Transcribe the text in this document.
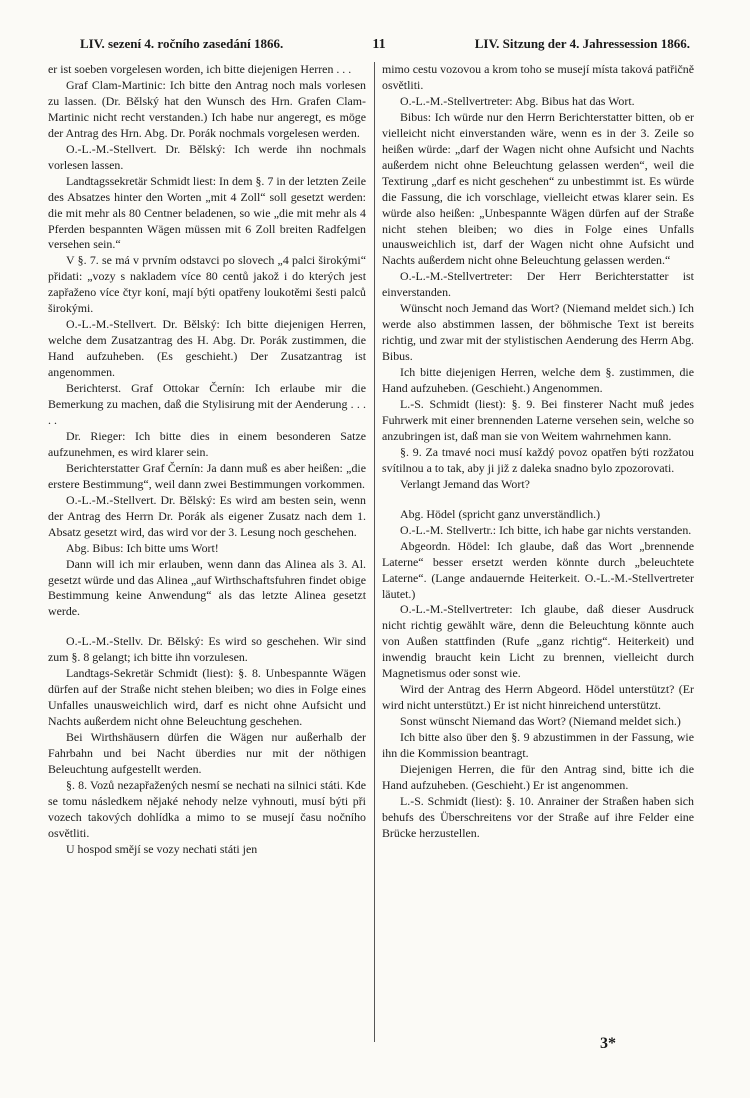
LIV. sezení 4. ročního zasedání 1866.	11	LIV. Sitzung der 4. Jahressession 1866.

er ist soeben vorgelesen worden, ich bitte diejenigen Herren . . .

Graf Clam-Martinic: Ich bitte den Antrag noch mals vorlesen zu lassen. (Dr. Bělský hat den Wunsch des Hrn. Grafen Clam-Martinic nicht recht verstanden.) Ich habe nur angeregt, es möge der Antrag des Hrn. Abg. Dr. Porák nochmals vorgelesen werden.

O.-L.-M.-Stellvert. Dr. Bělský: Ich werde ihn nochmals vorlesen lassen.

Landtagssekretär Schmidt liest: In dem §. 7 in der letzten Zeile des Absatzes hinter den Worten „mit 4 Zoll“ soll gesetzt werden: die mit mehr als 80 Centner beladenen, so wie „die mit mehr als 4 Pferden bespannten Wägen müssen mit 6 Zoll breiten Radfelgen versehen sein.“

V §. 7. se má v prvním odstavci po slovech „4 palci širokými“ přidati: „vozy s nakladem více 80 centů jakož i do kterých jest zapřaženo více čtyr koní, mají býti opatřeny loukotěmi šesti palců širokými.

O.-L.-M.-Stellvert. Dr. Bělský: Ich bitte diejenigen Herren, welche dem Zusatzantrag des H. Abg. Dr. Porák zustimmen, die Hand aufzuheben. (Es geschieht.) Der Zusatzantrag ist angenommen.

Berichterst. Graf Ottokar Černín: Ich erlaube mir die Bemerkung zu machen, daß die Stylisirung mit der Aenderung . . . . .

Dr. Rieger: Ich bitte dies in einem besonderen Satze aufzunehmen, es wird klarer sein.

Berichterstatter Graf Černín: Ja dann muß es aber heißen: „die erstere Bestimmung“, weil dann zwei Bestimmungen vorkommen.

O.-L.-M.-Stellvert. Dr. Bělský: Es wird am besten sein, wenn der Antrag des Herrn Dr. Porák als eigener Zusatz nach dem 1. Absatz gesetzt wird, das wird vor der 3. Lesung noch geschehen.

Abg. Bibus: Ich bitte ums Wort!

Dann will ich mir erlauben, wenn dann das Alinea als 3. Al. gesetzt würde und das Alinea „auf Wirthschaftsfuhren findet obige Bestimmung keine Anwendung“ als das letzte Alinea gesetzt werde.

O.-L.-M.-Stellv. Dr. Bělský: Es wird so geschehen. Wir sind zum §. 8 gelangt; ich bitte ihn vorzulesen.

Landtags-Sekretär Schmidt (liest): §. 8. Unbespannte Wägen dürfen auf der Straße nicht stehen bleiben; wo dies in Folge eines Unfalles unausweichlich wird, darf es nicht ohne Aufsicht und Nachts außerdem nicht ohne Beleuchtung geschehen.

Bei Wirthshäusern dürfen die Wägen nur außerhalb der Fahrbahn und bei Nacht überdies nur mit der nöthigen Beleuchtung aufgestellt werden.

§. 8. Vozů nezapřažených nesmí se nechati na silnici státi. Kde se tomu následkem nějaké nehody nelze vyhnouti, musí býti při vozech takových dohlídka a mimo to se musejí času nočního osvětliti.

U hospod smějí se vozy nechati státi jen

mimo cestu vozovou a krom toho se musejí místa taková patřičně osvětliti.

O.-L.-M.-Stellvertreter: Abg. Bibus hat das Wort.

Bibus: Ich würde nur den Herrn Berichterstatter bitten, ob er vielleicht nicht einverstanden wäre, wenn es in der 3. Zeile so heißen würde: „darf der Wagen nicht ohne Aufsicht und Nachts außerdem nicht ohne Beleuchtung gelassen werden“, weil die Textirung „darf es nicht geschehen“ zu unbestimmt ist. Es würde die Fassung, die ich vorschlage, vielleicht etwas klarer sein. Es würde also heißen: „Unbespannte Wägen dürfen auf der Straße nicht stehen bleiben; wo dies in Folge eines Unfalls unausweichlich ist, darf der Wagen nicht ohne Aufsicht und Nachts außerdem nicht ohne Beleuchtung gelassen werden.“

O.-L.-M.-Stellvertreter: Der Herr Berichterstatter ist einverstanden.

Wünscht noch Jemand das Wort? (Niemand meldet sich.) Ich werde also abstimmen lassen, der böhmische Text ist bereits richtig, und zwar mit der stylistischen Aenderung des Herrn Abg. Bibus.

Ich bitte diejenigen Herren, welche dem §. zustimmen, die Hand aufzuheben. (Geschieht.) Angenommen.

L.-S. Schmidt (liest): §. 9. Bei finsterer Nacht muß jedes Fuhrwerk mit einer brennenden Laterne versehen sein, welche so anzubringen ist, daß man sie von Weitem wahrnehmen kann.

§. 9. Za tmavé noci musí každý povoz opatřen býti rozžatou svítilnou a to tak, aby ji již z daleka snadno bylo zpozorovati.

Verlangt Jemand das Wort?

Abg. Hödel (spricht ganz unverständlich.)

O.-L.-M. Stellvertr.: Ich bitte, ich habe gar nichts verstanden.

Abgeordn. Hödel: Ich glaube, daß das Wort „brennende Laterne“ besser ersetzt werden könnte durch „beleuchtete Laterne“. (Lange andauernde Heiterkeit. O.-L.-M.-Stellvertreter läutet.)

O.-L.-M.-Stellvertreter: Ich glaube, daß dieser Ausdruck nicht richtig gewählt wäre, denn die Beleuchtung könnte auch von Außen stattfinden (Rufe „ganz richtig“. Heiterkeit) und inwendig braucht kein Licht zu brennen, vielleicht durch Magnetismus oder sonst wie.

Wird der Antrag des Herrn Abgeord. Hödel unterstützt? (Er wird nicht unterstützt.) Er ist nicht hinreichend unterstützt.

Sonst wünscht Niemand das Wort? (Niemand meldet sich.)

Ich bitte also über den §. 9 abzustimmen in der Fassung, wie ihn die Kommission beantragt.

Diejenigen Herren, die für den Antrag sind, bitte ich die Hand aufzuheben. (Geschieht.) Er ist angenommen.

L.-S. Schmidt (liest): §. 10. Anrainer der Straßen haben sich behufs des Überschreitens vor der Straße auf ihre Felder eine Brücke herzustellen.

3*
